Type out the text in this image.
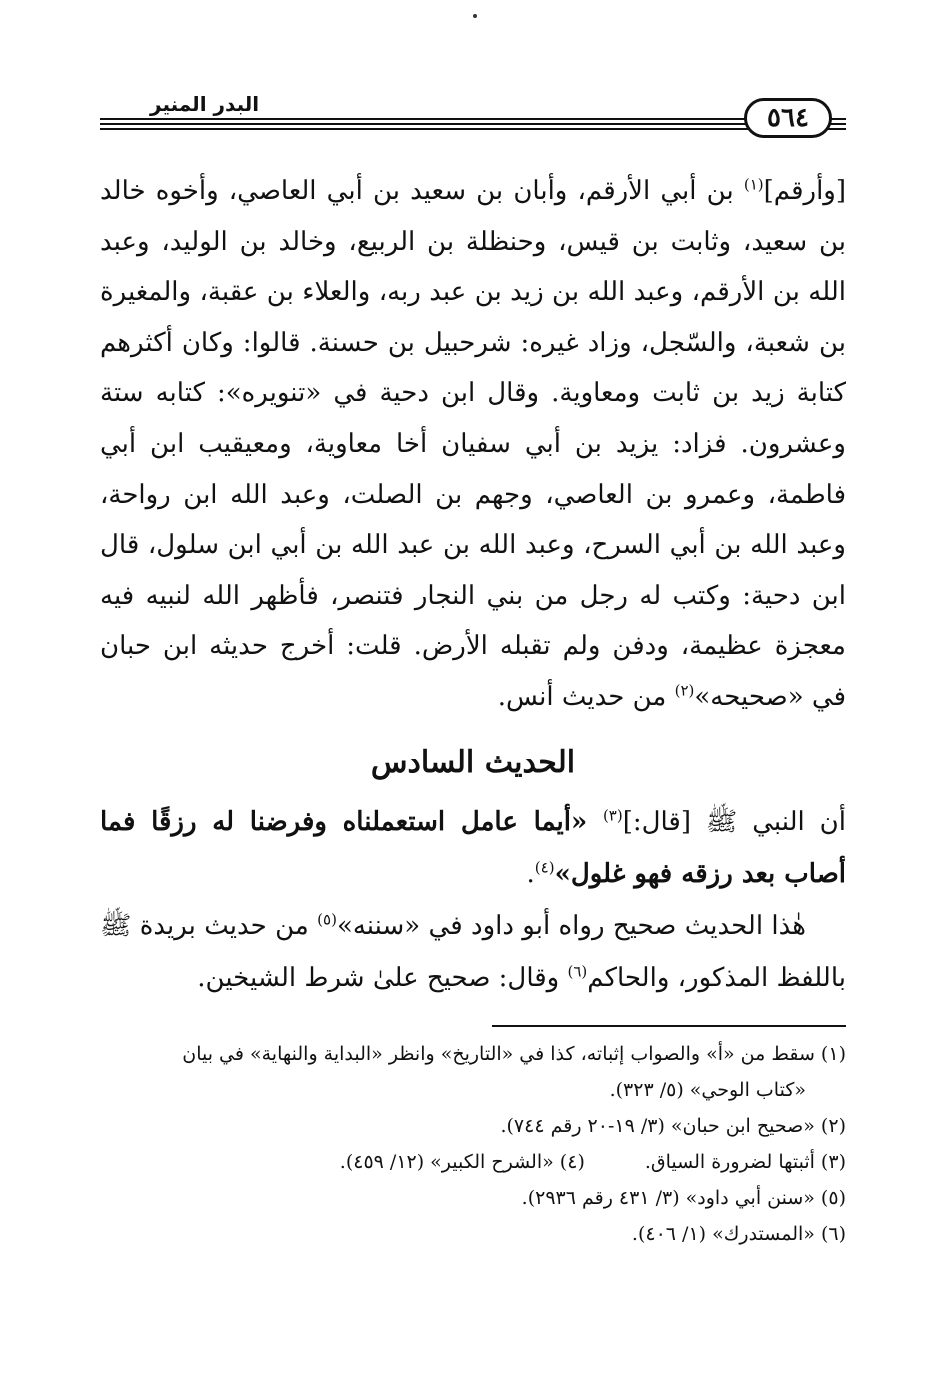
البدر المنير	٥٦٤

[وأرقم]$^{(١)}$ بن أبي الأرقم، وأبان بن سعيد بن أبي العاصي، وأخوه خالد بن سعيد، وثابت بن قيس، وحنظلة بن الربيع، وخالد بن الوليد، وعبد الله بن الأرقم، وعبد الله بن زيد بن عبد ربه، والعلاء بن عقبة، والمغيرة بن شعبة، والسّجل، وزاد غيره: شرحبيل بن حسنة. قالوا: وكان أكثرهم كتابة زيد بن ثابت ومعاوية. وقال ابن دحية في «تنويره»: كتابه ستة وعشرون. فزاد: يزيد بن أبي سفيان أخا معاوية، ومعيقيب ابن أبي فاطمة، وعمرو بن العاصي، وجهم بن الصلت، وعبد الله ابن رواحة، وعبد الله بن أبي السرح، وعبد الله بن عبد الله بن أبي ابن سلول، قال ابن دحية: وكتب له رجل من بني النجار فتنصر، فأظهر الله لنبيه فيه معجزة عظيمة، ودفن ولم تقبله الأرض. قلت: أخرج حديثه ابن حبان في «صحيحه»$^{(٢)}$ من حديث أنس.

الحديث السادس

أن النبي ﷺ [قال:]$^{(٣)}$ «أيما عامل استعملناه وفرضنا له رزقًا فما أصاب بعد رزقه فهو غلول»$^{(٤)}$.

هٰذا الحديث صحيح رواه أبو داود في «سننه»$^{(٥)}$ من حديث بريدة ﷺ باللفظ المذكور، والحاكم$^{(٦)}$ وقال: صحيح علىٰ شرط الشيخين.

(١) سقط من «أ» والصواب إثباته، كذا في «التاريخ» وانظر «البداية والنهاية» في بيان

«كتاب الوحي» (٥/ ٣٢٣).

(٢) «صحيح ابن حبان» (٣/ ١٩-٢٠ رقم ٧٤٤).

(٣) أثبتها لضرورة السياق.
(٤) «الشرح الكبير» (١٢/ ٤٥٩).

(٥) «سنن أبي داود» (٣/ ٤٣١ رقم ٢٩٣٦).

(٦) «المستدرك» (١/ ٤٠٦).
